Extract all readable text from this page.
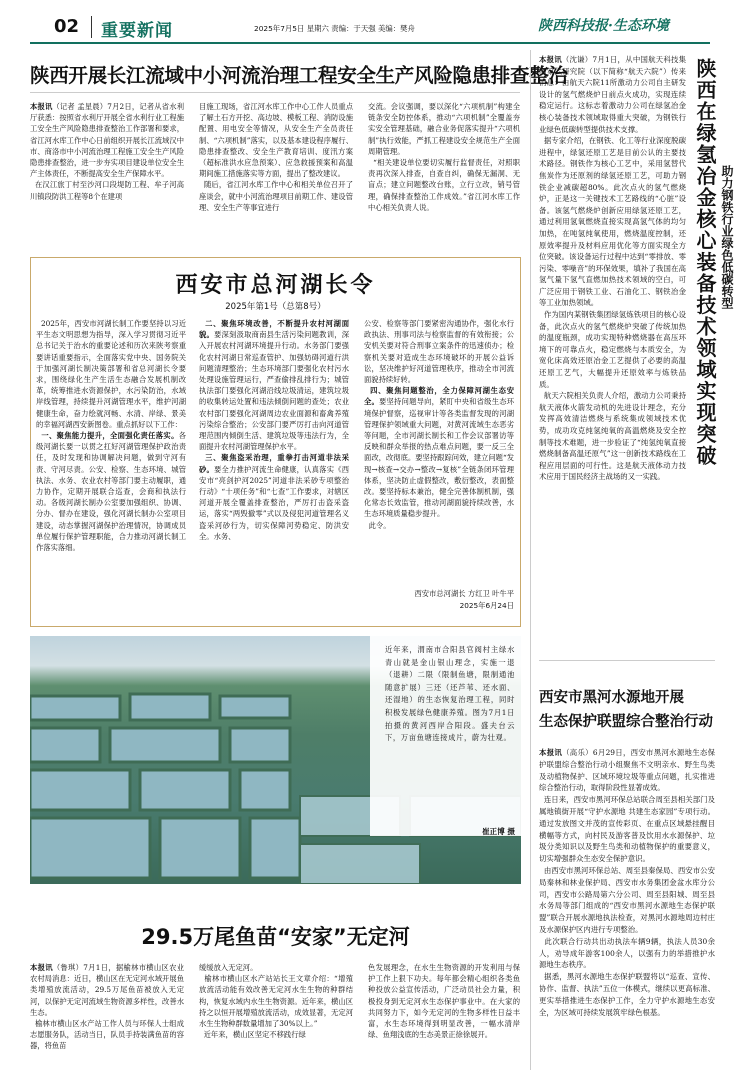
02 重要新闻	2025年7月5日 星期六 责编：于天强 美编：樊舟	陕西科技报·生态环境
陕西开展长江流域中小河流治理工程安全生产风险隐患排查整治
本报讯（记者 孟星晨）7月2日，记者从省水利厅获悉：按照省水利厅开展全省水利行业工程施工安全生产风险隐患排查整治工作部署和要求，省江河水库工作中心日前组织开展长江流域汉中市、商洛市中小河流治理工程施工安全生产风险隐患排查整治，进一步夯实项目建设单位安全生产主体责任，不断提高安全生产保障水平。
在汉江旅丁村至沙河口段堤防工程、牟子河高川镇段防洪工程等8个在建项
目施工现场，省江河水库工作中心工作人员重点了解土石方开挖、高边坡、模板工程、消防设施配置、用电安全等情况，从安全生产全员责任制、“六项机制”落实，以及基本建设程序履行、隐患排查整改、安全生产教育培训、度汛方案（超标准洪水应急预案）、应急救援预案和高温期间施工措施落实等方面，提出了整改建议。
随后，省江河水库工作中心和相关单位召开了座谈会，就中小河流治理项目前期工作、建设管理、安全生产等事宜进行
交流。会议强调，要以深化“六项机制”构建全链条安全防控体系，推动“六项机制”全覆盖夯实安全管理基础，融合业务促落实提升“六项机制”执行效能，严抓工程建设安全规范生产全面周期管理。
“相关建设单位要切实履行监督责任，对照职责再次深入排查，自查自纠，确保无漏洞、无盲点；建立问题整改台账，立行立改，销号管理，确保排查整治工作成效。”省江河水库工作中心相关负责人说。
西安市总河湖长令
2025年第1号（总第8号）
2025年，西安市河湖长制工作要坚持以习近平生态文明思想为指导，深入学习贯彻习近平总书记关于治水的重要论述和历次来陕考察重要讲话重要指示，全面落实党中央、国务院关于加强河湖长制决策部署和省总河湖长令要求，围绕绿化生产生活生态融合发展机制改革，统筹推进水资源保护，水污染防治，水域岸线管理，持续提升河湖管理水平，维护河湖健康生命，奋力绘就河畅、水清、岸绿、景美的幸福河湖西安新图卷。重点抓好以下工作：
一、聚焦能力提升，全面强化责任落实。各级河湖长要一以贯之扛好河湖管理保护政治责任，及时发现和协调解决问题，做到守河有责、守河尽责。公安、检察、生态环境、城管执法、水务、农业农村等部门要主动履职，通力协作，定期开展联合巡查，会商和执法行动。各级河湖长制办公室要加强组织、协调、分办、督办在建设，强化河湖长制办公室项目建设，动态掌握河湖保护治理情况，协调成员单位履行保护管理职能，合力推动河湖长制工作落实落细。
二、聚焦环境改善，不断提升农村河湖面貌。要深刻汲取商南县生活污染问题教训，深入开展农村河湖环境提升行动。水务部门要强化农村河湖日常巡查管护、加强妨碍河道行洪问题清理整治；生态环境部门要强化农村污水处理设施管理运行，严查偷排乱排行为；城管执法部门要强化河湖沿线垃圾清运，建筑垃圾的收集转运处置和违法倾倒问题的查处；农业农村部门要强化河湖周边农业面源和畜禽养殖污染综合整治；公安部门要严厉打击向河道管理范围内倾倒生活、建筑垃圾等违法行为，全面提升农村河湖管理保护水平。
三、聚焦盗采治理，重拳打击河道非法采砂。要全力推护河流生命健康，认真落实《西安市“亮剑护河2025”河道非法采砂专项整治行动》“十项任务”和“七查”工作要求，对辖区河道开展全覆盖排查整治，严厉打击盗采盗运，落实“两毁撤零”式以及侵犯河道管理名义盗采河砂行为，切实保障河势稳定、防洪安全。水务、
公安、检察等部门要紧密沟通协作，强化水行政执法、刑事司法与检察监督的有效衔接；公安机关要对符合刑事立案条件的迅速侦办；检察机关要对造成生态环境破坏的开展公益诉讼，坚决维护好河道管理秩序，推动全市河流面貌持续好转。
四、聚焦问题整治，全力保障河湖生态安全。要坚持问题导向，紧盯中央和省级生态环境保护督察，巡视审计等各类监督发现的河湖管理保护领域重大问题，对黄河流域生态恶劣等问题，全市河湖长制长和工作会议部署访等反映和群众举报的热点难点问题，要一反三全面改，改彻底。要坚持跟踪问效，建立问题“发现→核查→交办→整改→复核”全链条闭环管理体系，坚决防止虚假整改，敷衍整改，表面整改。要坚持标本兼治，健全完善体制机制，强化常态长效监管，推动河湖面貌持续改善，水生态环境质量稳步提升。
此令。
西安市总河湖长 方红卫 叶牛平
2025年6月24日
近年来，渭南市合阳县官阀村主绿水青山就是金山银山理念，实施一退（退耕）二限（限制鱼塘，限制通池随意扩展）三还（还芦苇、还水面、还湿地）的生态恢复治理工程，同时积极发展绿色健康养殖。图为7月1日拍摄的黄河西岸合阳段。盛夫台云下，万亩鱼塘连接成片，蔚为壮观。
崔正博 摄
29.5万尾鱼苗“安家”无定河
本报讯（鲁琪）7月1日，据榆林市横山区农业农村局消息：近日，横山区在无定河水域开展鱼类增殖放流活动，29.5万尾鱼苗被放入无定河，以保护无定河流域生物资源多样性，改善水生态。
榆林市横山区水产站工作人员与环保人士组成志愿服务队，活动当日，队员手持装满鱼苗的容器，将鱼苗
缓缓放入无定河。
榆林市横山区水产站站长王文章介绍：“增殖放流活动能有效改善无定河水生生物的种群结构，恢复水域内水生生物资源。近年来，横山区持之以恒开展增殖放流活动，成效显著，无定河水生生物种群数量增加了30%以上。”
近年来，横山区坚定不移践行绿
色发展理念，在水生生物资源的开发利用与保护工作上狠下功夫。每年都会精心组织各类鱼种投放公益宣传活动，广泛动员社会力量，积极投身到无定河水生态保护事业中。在大家的共同努力下，如今无定河的生物多样性日益丰富，水生态环境得到明显改善，一幅水清岸绿、鱼翔浅底的生态美景正徐徐展开。
本报讯（沈谦）7月1日，从中国航天科技集团第六研究院（以下简称“航天六院”）传来消息：由航天六院11所激动力公司自主研发设计的氢气燃烧炉日前点火成功，实现连续稳定运行。这标志着激动力公司在绿氢冶金核心装备技术领域取得重大突破，为钢铁行业绿色低碳转型提供技术支撑。
据专家介绍，在钢铁、化工等行业深度脱碳进程中，绿氢还原工艺是目前公认的主要技术路径。钢铁作为核心工艺中，采用氢替代焦炭作为还原剂的绿氢还原工艺，可助力钢铁企业减碳超80%。此次点火的氢气燃烧炉，正是这一关键技术工艺路线的“心脏”设备。该氢气燃烧炉创新应用绿氢还原工艺，通过利用氢氧燃烧直接实现高氢气体的均匀加热，在吨氢纯氧使用，燃烧温度控制，还原效率提升及材料应用优化等方面实现全方位突破。该设备运行过程中达到“零排放、零污染、零噪音”的环保效果，填补了我国在高氢气量下氢气直燃加热技术领域的空白，可广泛应用于钢铁工业、石油化工、钢铁冶金等工业加热领域。
作为国内某钢铁集团绿氢炼铁项目的核心设备，此次点火的氢气燃烧炉突破了传统加热的温度瓶颈，成功实现特种燃烧器在高压环境下的可靠点火，稳定燃烧与本质安全，为宽化床高效还原冶金工艺提供了必要的高温还原工艺气，大幅提升还原效率与炼铁品质。
航天六院相关负责人介绍，激动力公司秉持航天液体火箭发动机的先进设计理念，充分发挥高效清洁燃烧与系统集成领域技术优势，成功攻克纯氢纯氧的高温燃烧及安全控制等技术难题，进一步验证了“纯氢纯氧直接燃烧制备高温还原气”这一创新技术路线在工程应用层面的可行性。这是航天液体动力技术应用于国民经济主战场的又一实践。
陕西在绿氢冶金核心装备技术领域实现突破 助力钢铁行业绿色低碳转型
西安市黑河水源地开展
生态保护联盟综合整治行动
本报讯（高乐）6月29日，西安市黑河水源地生态保护联盟综合整治行动小组聚焦不文明亲水、野生鸟类及动植物保护、区域环境垃圾等重点问题，扎实推进综合整治行动，取得阶段性显著成效。
连日来，西安市黑河环保总站联合周至县相关部门及属地镇街开展“守护水源地 共建生态家园”专项行动。通过发放图文并茂的宣传彩页、在重点区域悬挂醒目横幅等方式，向村民及游客普及饮用水水源保护、垃圾分类知识以及野生鸟类和动植物保护的重要意义，切实增强群众生态安全保护意识。
由西安市黑河环保总站、周至县秦保局、西安市公安局秦林和林业保护局、西安市水务集团金盆水库分公司，西安市公路局第六分公司、周至县阳城、周至县水务局等部门组成的“西安市黑河水源地生态保护联盟”联合开展水源地执法检查，对黑河水源地周边村庄及水源保护区内进行专项整治。
此次联合行动共出动执法车辆9辆，执法人员30余人，劝导成年游客100余人，以强有力的举措推护水源地生态秩序。
据悉，黑河水源地生态保护联盟将以“巡查、宣传、协作、监督、执法”五位一体模式，继续以更高标准、更实举措推进生态保护工作，全力守护水源地生态安全，为区域可持续发展筑牢绿色根基。
